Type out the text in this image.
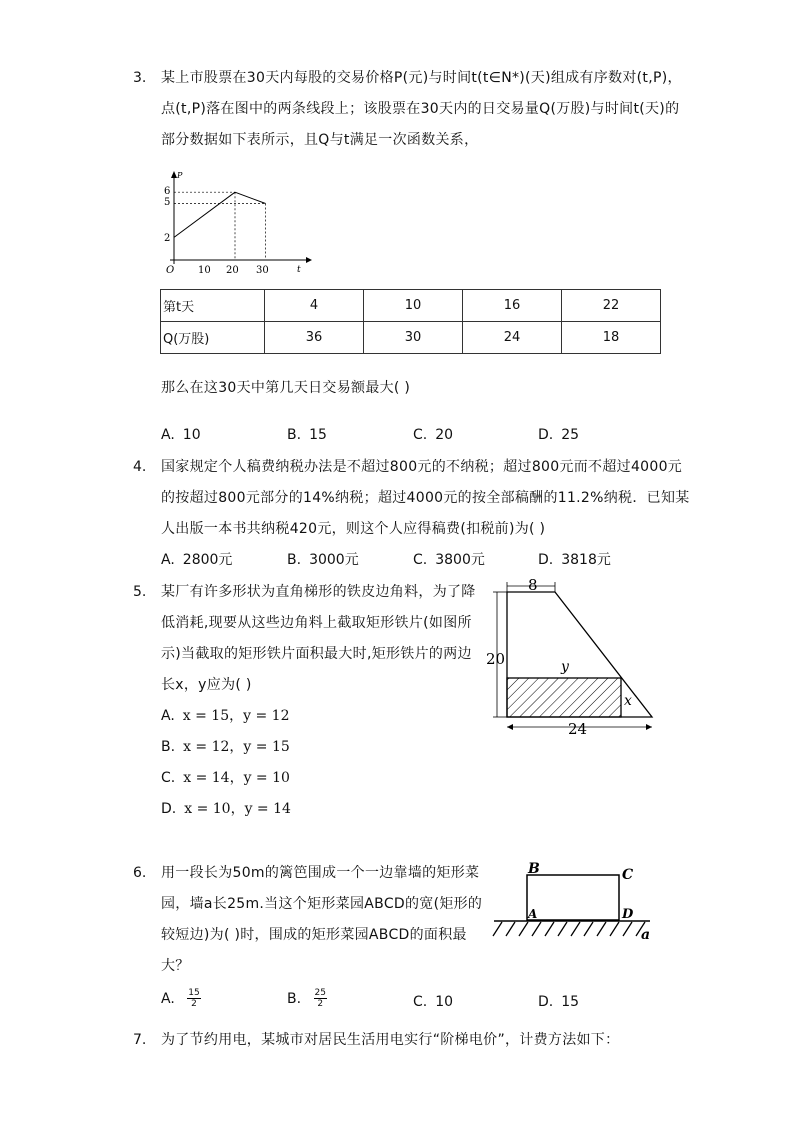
3. 某上市股票在30天内每股的交易价格P(元)与时间t(t∈N*)(天)组成有序数对(t,P)，
点(t,P)落在图中的两条线段上；该股票在30天内的日交易量Q(万股)与时间t(天)的
部分数据如下表所示，且Q与t满足一次函数关系，
P
t
O
6
5
2
10 20 30
第t天	4	10	16	22
Q(万股)	36	30	24	18
那么在这30天中第几天日交易额最大( )
A. 10	B. 15	C. 20	D. 25
4. 国家规定个人稿费纳税办法是不超过800元的不纳税；超过800元而不超过4000元
的按超过800元部分的14%纳税；超过4000元的按全部稿酬的11.2%纳税．已知某
人出版一本书共纳税420元，则这个人应得稿费(扣税前)为( )
A. 2800元	B. 3000元	C. 3800元	D. 3818元
5. 某厂有许多形状为直角梯形的铁皮边角料，为了降
低消耗,现要从这些边角料上截取矩形铁片(如图所
示)当截取的矩形铁片面积最大时,矩形铁片的两边
长x，y应为( )
A. x = 15，y = 12
B. x = 12，y = 15
C. x = 14，y = 10
D. x = 10，y = 14
8
20
24
y
x
6. 用一段长为50m的篱笆围成一个一边靠墙的矩形菜
园，墙a长25m.当这个矩形菜园ABCD的宽(矩形的
较短边)为( )时，围成的矩形菜园ABCD的面积最
大？
A. $\frac{15}{2}$	B. $\frac{25}{2}$	C. 10	D. 15
B	C
A	D
a
7. 为了节约用电，某城市对居民生活用电实行“阶梯电价”，计费方法如下：
